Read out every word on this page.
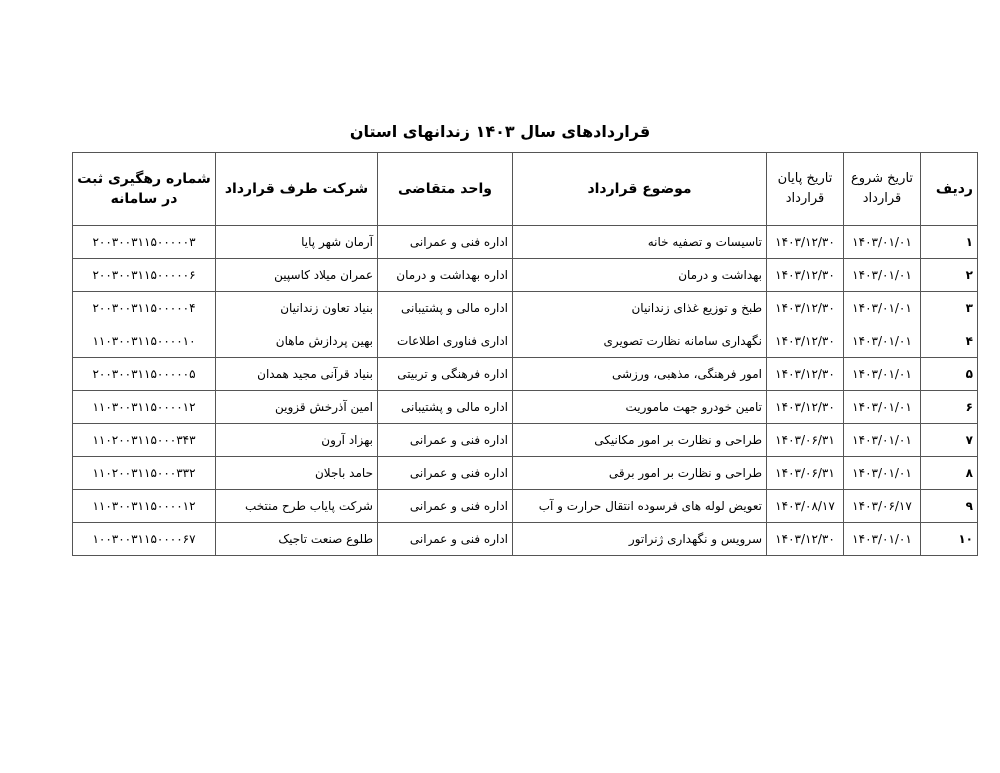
قراردادهای سال ۱۴۰۳ زندانهای استان
ردیف	تاریخ شروع قرارداد	تاریخ پایان قرارداد	موضوع قرارداد	واحد متقاضی	شرکت طرف قرارداد	شماره رهگیری ثبت در سامانه
۱	۱۴۰۳/۰۱/۰۱	۱۴۰۳/۱۲/۳۰	تاسیسات و تصفیه خانه	اداره فنی و عمرانی	آرمان شهر پایا	۲۰۰۳۰۰۳۱۱۵۰۰۰۰۰۳
۲	۱۴۰۳/۰۱/۰۱	۱۴۰۳/۱۲/۳۰	بهداشت و درمان	اداره بهداشت و درمان	عمران میلاد کاسپین	۲۰۰۳۰۰۳۱۱۵۰۰۰۰۰۶
۳	۱۴۰۳/۰۱/۰۱	۱۴۰۳/۱۲/۳۰	طبخ و توزیع غذای زندانیان	اداره مالی و پشتیبانی	بنیاد تعاون زندانیان	۲۰۰۳۰۰۳۱۱۵۰۰۰۰۰۴
۴	۱۴۰۳/۰۱/۰۱	۱۴۰۳/۱۲/۳۰	نگهداری سامانه نظارت تصویری	اداری فناوری اطلاعات	بهین پردازش ماهان	۱۱۰۳۰۰۳۱۱۵۰۰۰۰۱۰
۵	۱۴۰۳/۰۱/۰۱	۱۴۰۳/۱۲/۳۰	امور فرهنگی، مذهبی، ورزشی	اداره فرهنگی و تربیتی	بنیاد قرآنی مجید همدان	۲۰۰۳۰۰۳۱۱۵۰۰۰۰۰۵
۶	۱۴۰۳/۰۱/۰۱	۱۴۰۳/۱۲/۳۰	تامین خودرو جهت ماموریت	اداره مالی و پشتیبانی	امین آذرخش قزوین	۱۱۰۳۰۰۳۱۱۵۰۰۰۰۱۲
۷	۱۴۰۳/۰۱/۰۱	۱۴۰۳/۰۶/۳۱	طراحی و نظارت بر امور مکانیکی	اداره فنی و عمرانی	بهزاد آرون	۱۱۰۲۰۰۳۱۱۵۰۰۰۳۴۳
۸	۱۴۰۳/۰۱/۰۱	۱۴۰۳/۰۶/۳۱	طراحی و نظارت بر امور برقی	اداره فنی و عمرانی	حامد باجلان	۱۱۰۲۰۰۳۱۱۵۰۰۰۳۳۲
۹	۱۴۰۳/۰۶/۱۷	۱۴۰۳/۰۸/۱۷	تعویض لوله های فرسوده انتقال حرارت و آب	اداره فنی و عمرانی	شرکت پایاب طرح منتخب	۱۱۰۳۰۰۳۱۱۵۰۰۰۰۱۲
۱۰	۱۴۰۳/۰۱/۰۱	۱۴۰۳/۱۲/۳۰	سرویس و نگهداری ژنراتور	اداره فنی و عمرانی	طلوع صنعت تاجیک	۱۰۰۳۰۰۳۱۱۵۰۰۰۰۶۷
